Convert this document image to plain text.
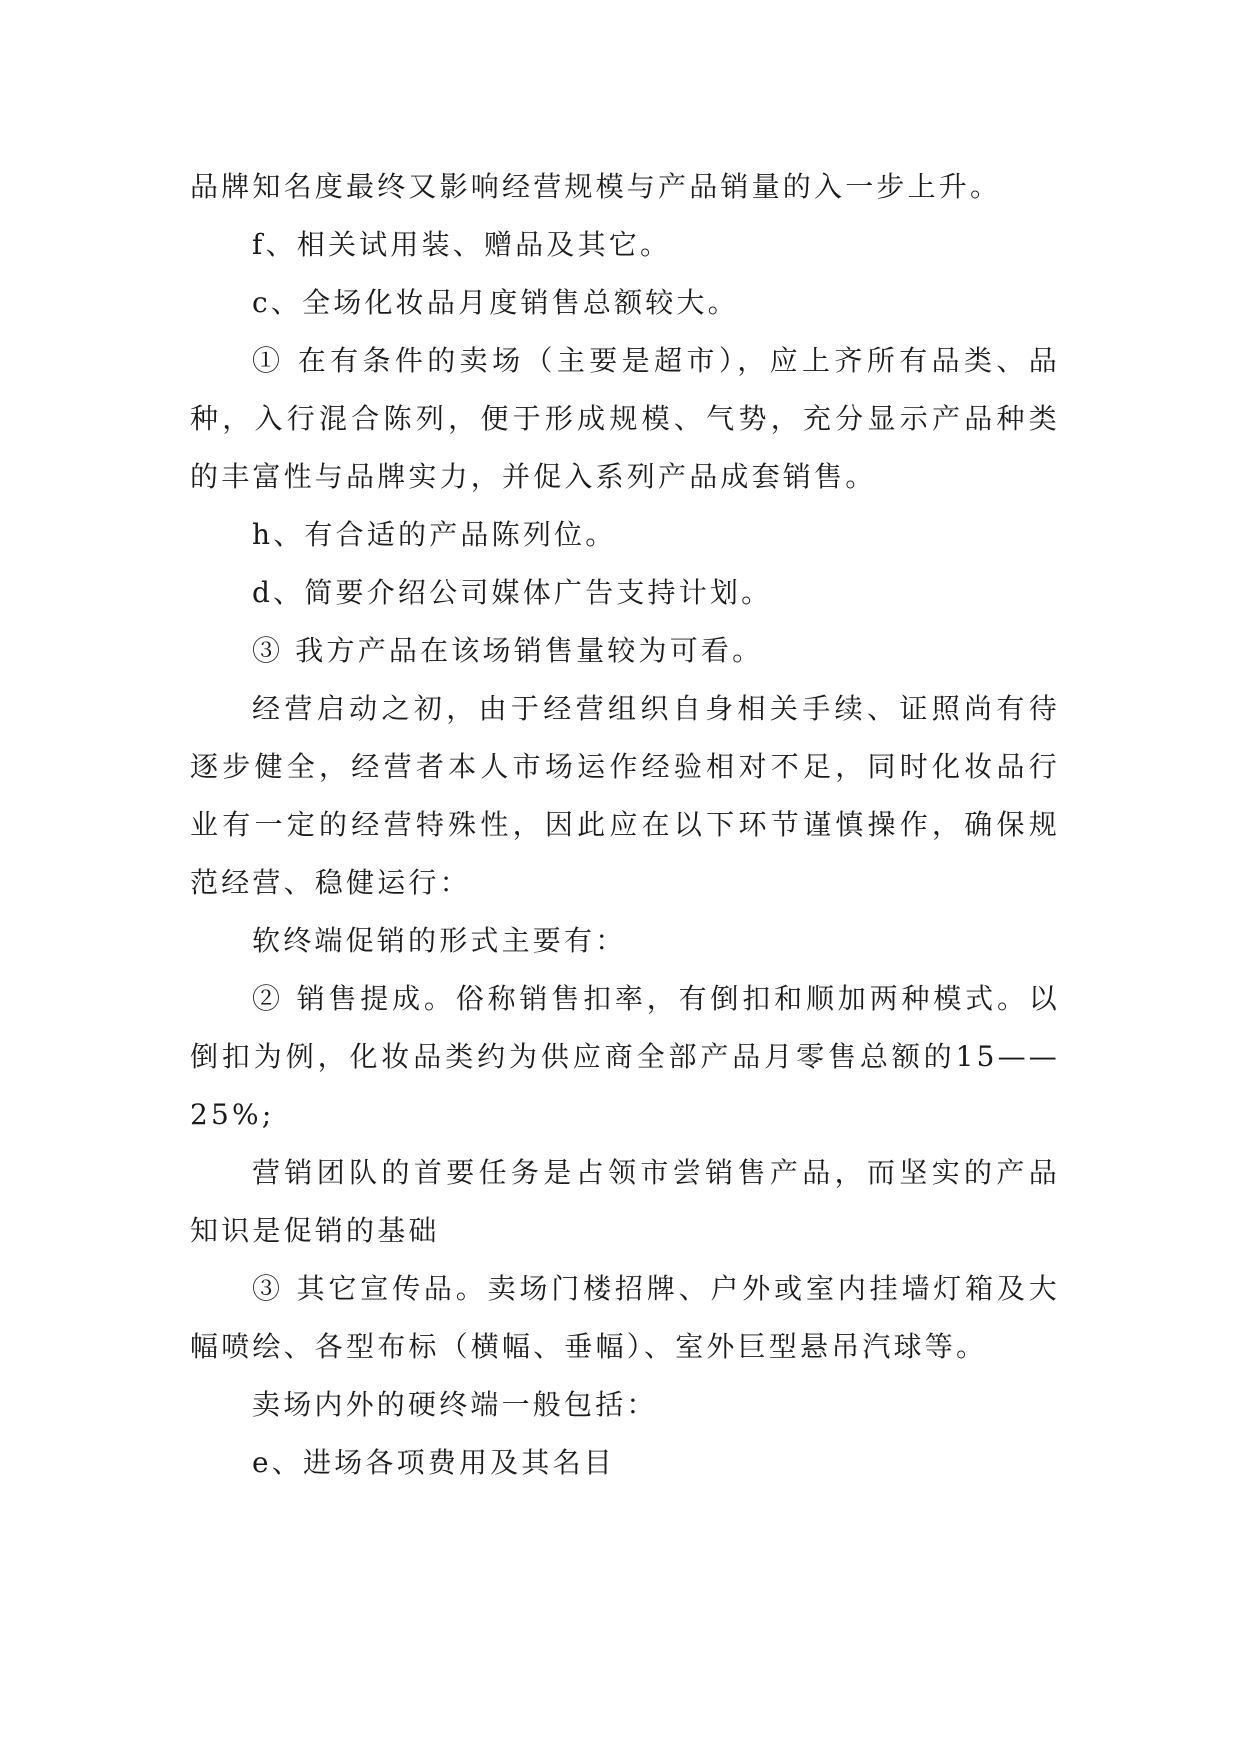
品牌知名度最终又影响经营规模与产品销量的入一步上升。

f、相关试用装、赠品及其它。

c、全场化妆品月度销售总额较大。

① 在有条件的卖场（主要是超市），应上齐所有品类、品种，入行混合陈列，便于形成规模、气势，充分显示产品种类的丰富性与品牌实力，并促入系列产品成套销售。

h、有合适的产品陈列位。

d、简要介绍公司媒体广告支持计划。

③ 我方产品在该场销售量较为可看。

经营启动之初，由于经营组织自身相关手续、证照尚有待逐步健全，经营者本人市场运作经验相对不足，同时化妆品行业有一定的经营特殊性，因此应在以下环节谨慎操作，确保规范经营、稳健运行：

软终端促销的形式主要有：

② 销售提成。俗称销售扣率，有倒扣和顺加两种模式。以倒扣为例，化妆品类约为供应商全部产品月零售总额的15——25%;

营销团队的首要任务是占领市尝销售产品，而坚实的产品知识是促销的基础

③ 其它宣传品。卖场门楼招牌、户外或室内挂墙灯箱及大幅喷绘、各型布标（横幅、垂幅）、室外巨型悬吊汽球等。

卖场内外的硬终端一般包括：

e、进场各项费用及其名目
